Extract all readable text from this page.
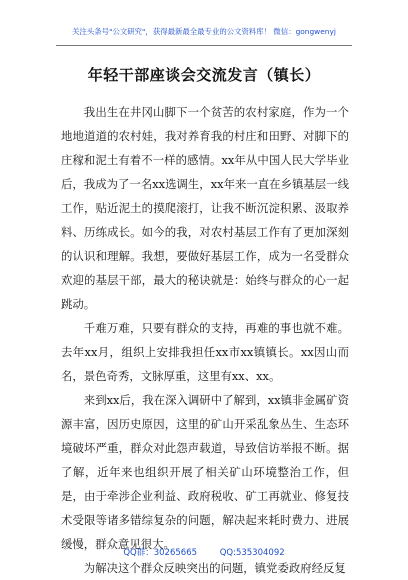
关注头条号"公文研究"，获得最新最全最专业的公文资料库！ 微信：gongwenyj
年轻干部座谈会交流发言（镇长）

我出生在井冈山脚下一个贫苦的农村家庭，作为一个地地道道的农村娃，我对养育我的村庄和田野、对脚下的庄稼和泥土有着不一样的感情。xx年从中国人民大学毕业后，我成为了一名xx选调生，xx年来一直在乡镇基层一线工作，贴近泥土的摸爬滚打，让我不断沉淀积累、汲取养料、历练成长。如今的我，对农村基层工作有了更加深刻的认识和理解。我想，要做好基层工作，成为一名受群众欢迎的基层干部，最大的秘诀就是：始终与群众的心一起跳动。

千难万难，只要有群众的支持，再难的事也就不难。去年xx月，组织上安排我担任xx市xx镇镇长。xx因山而名，景色奇秀，文脉厚重，这里有xx、xx。

来到xx后，我在深入调研中了解到，xx镇非金属矿资源丰富，因历史原因，这里的矿山开采乱象丛生、生态环境破坏严重，群众对此怨声载道，导致信访举报不断。据了解，近年来也组织开展了相关矿山环境整治工作，但是，由于牵涉企业利益、政府税收、矿工再就业、修复技术受限等诸多错综复杂的问题，解决起来耗时费力、进展缓慢，群众意见很大。

为解决这个群众反映突出的问题，镇党委政府经反复

QQ群：30265665	QQ:535304092
